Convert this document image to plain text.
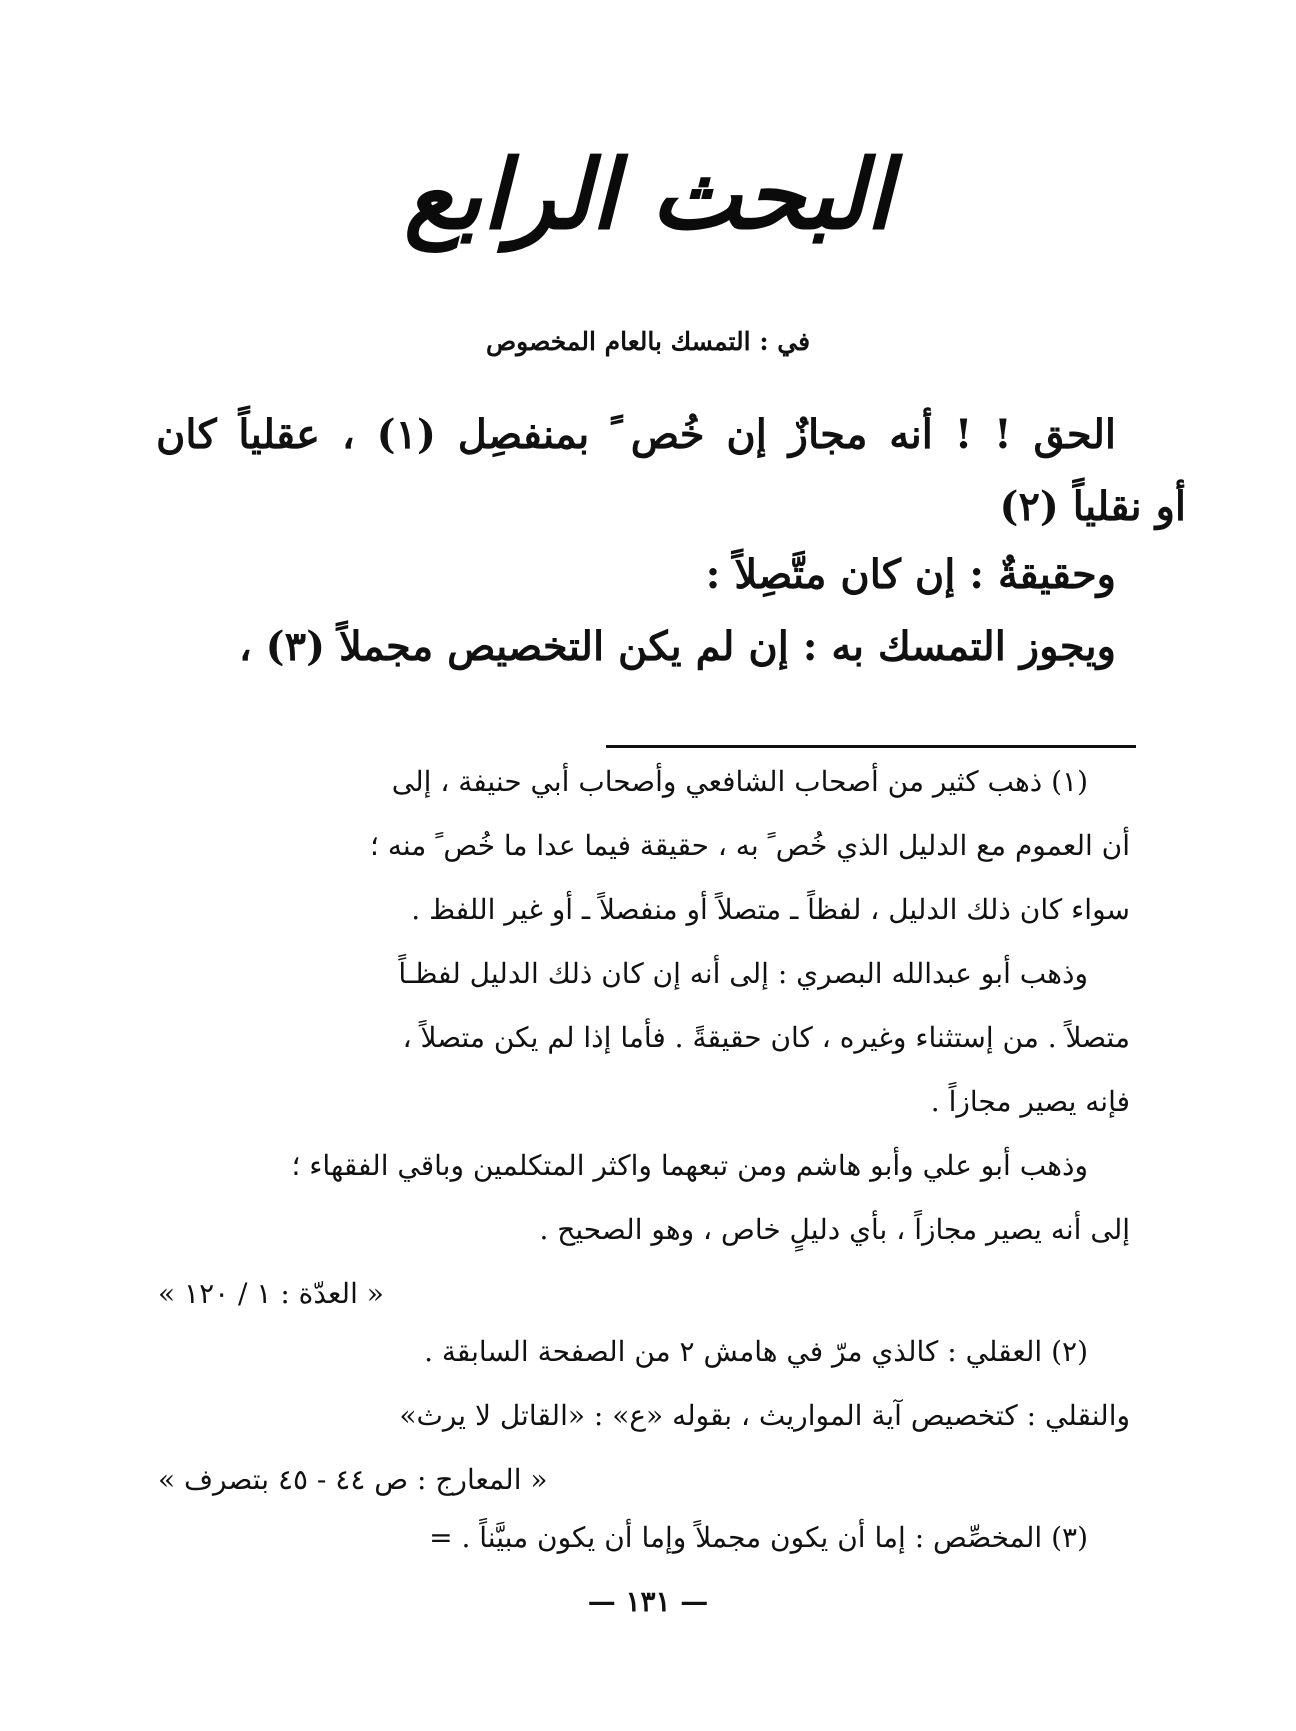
البحث الرابع
في : التمسك بالعام المخصوص
الحق ! ! أنه مجازٌ إن خُص ً بمنفصِل (١) ، عقلياً كان
أو نقلياً (٢)
وحقيقةٌ : إن كان متَّصِلاً :
ويجوز التمسك به : إن لم يكن التخصيص مجملاً (٣) ،
(١) ذهب كثير من أصحاب الشافعي وأصحاب أبي حنيفة ، إلى
أن العموم مع الدليل الذي خُص ً به ، حقيقة فيما عدا ما خُص ً منه ؛
سواء كان ذلك الدليل ، لفظاً ـ متصلاً أو منفصلاً ـ أو غير اللفظ .
وذهب أبو عبدالله البصري : إلى أنه إن كان ذلك الدليل لفظـاً
متصلاً . من إستثناء وغيره ، كان حقيقةً . فأما إذا لم يكن متصلاً ،
فإنه يصير مجازاً .
وذهب أبو علي وأبو هاشم ومن تبعهما واكثر المتكلمين وباقي الفقهاء ؛
إلى أنه يصير مجازاً ، بأي دليلٍ خاص ، وهو الصحيح .
« العدّة : ١ / ١٢٠ »
(٢) العقلي : كالذي مرّ في هامش ٢ من الصفحة السابقة .
والنقلي : كتخصيص آية المواريث ، بقوله «ع» : «القاتل لا يرث»
« المعارج : ص ٤٤ - ٤٥ بتصرف »
(٣) المخصِّص : إما أن يكون مجملاً وإما أن يكون مبيَّناً . =
— ١٣١ —
